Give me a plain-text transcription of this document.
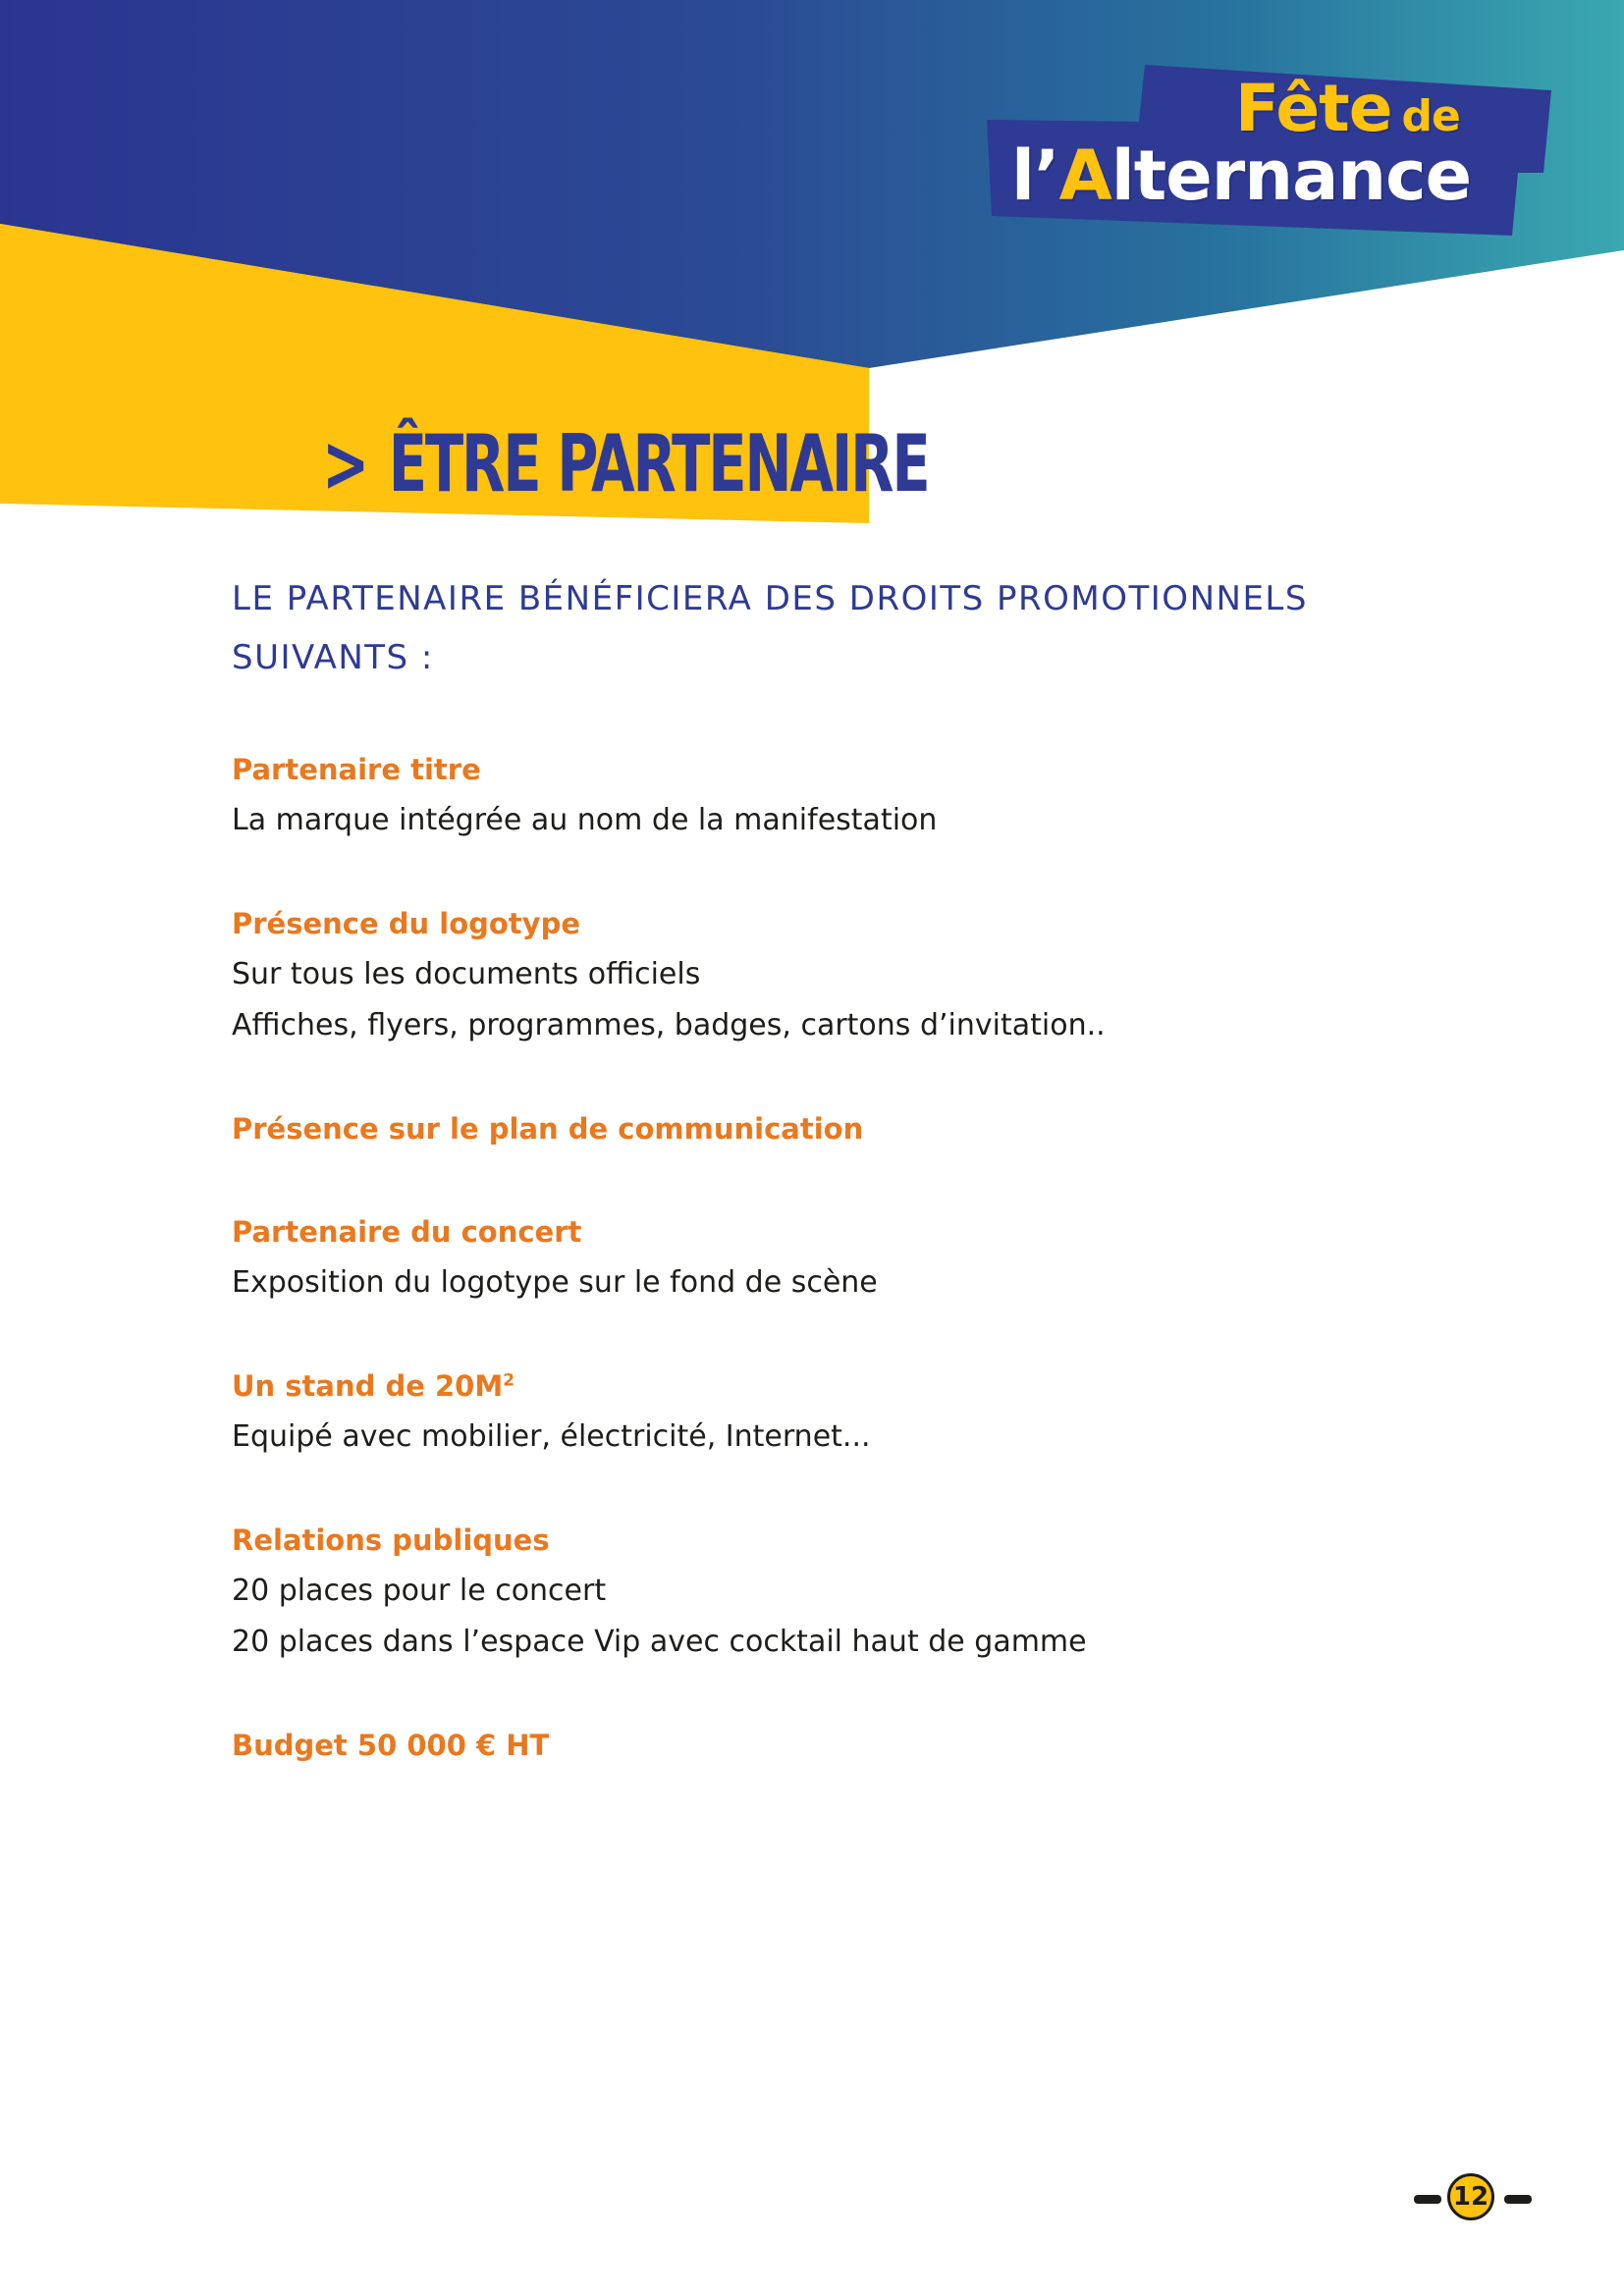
Fête de
l’Alternance
> ÊTRE PARTENAIRE
LE PARTENAIRE BÉNÉFICIERA DES DROITS PROMOTIONNELS
SUIVANTS :
Partenaire titre
La marque intégrée au nom de la manifestation
Présence du logotype
Sur tous les documents officiels
Affiches, flyers, programmes, badges, cartons d’invitation..
Présence sur le plan de communication
Partenaire du concert
Exposition du logotype sur le fond de scène
Un stand de $20M^2$
Equipé avec mobilier, électricité, Internet...
Relations publiques
20 places pour le concert
20 places dans l’espace Vip avec cocktail haut de gamme
Budget 50 000 € HT
12
